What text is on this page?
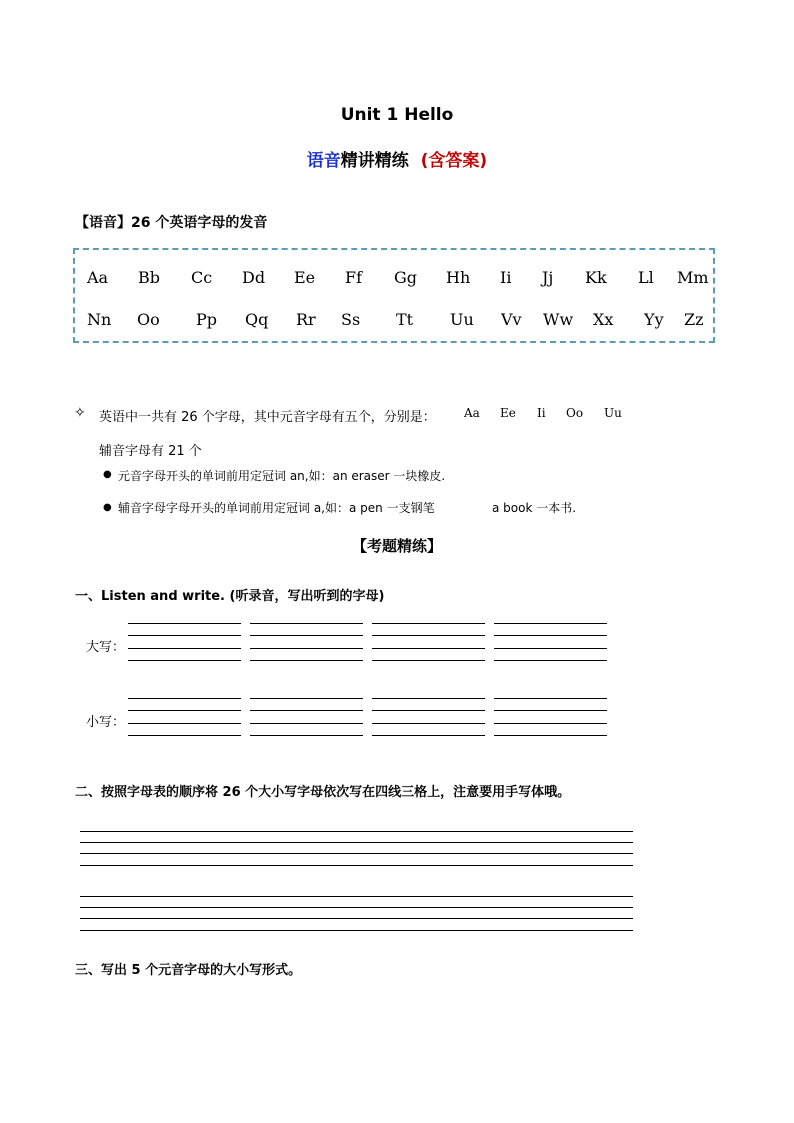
Unit 1 Hello
语音精讲精练 (含答案)
【语音】26 个英语字母的发音
Aa Bb Cc Dd Ee Ff Gg Hh Ii Jj Kk Ll Mm
Nn Oo Pp Qq Rr Ss Tt Uu Vv Ww Xx Yy Zz
✧ 英语中一共有 26 个字母，其中元音字母有五个，分别是： Aa Ee Ii Oo Uu
辅音字母有 21 个
● 元音字母开头的单词前用定冠词 an,如：an eraser 一块橡皮.
● 辅音字母字母开头的单词前用定冠词 a,如：a pen 一支钢笔	a book 一本书.
【考题精练】
一、Listen and write. (听录音，写出听到的字母)
大写：
小写：
二、按照字母表的顺序将 26 个大小写字母依次写在四线三格上，注意要用手写体哦。
三、写出 5 个元音字母的大小写形式。
